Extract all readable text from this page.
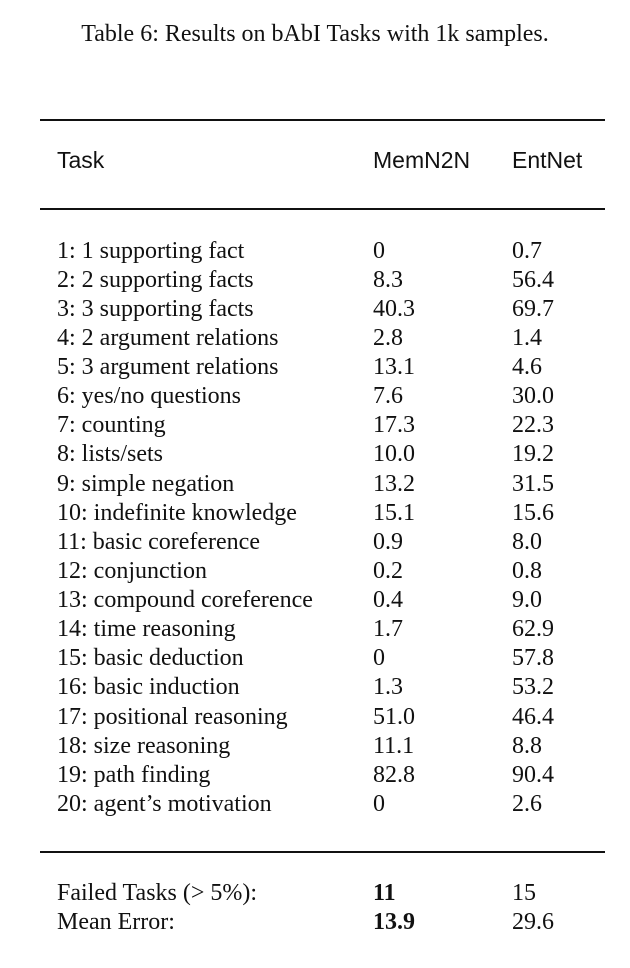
Table 6: Results on bAbI Tasks with 1k samples.
Task	MemN2N EntNet
1: 1 supporting fact	0	0.7
2: 2 supporting facts	8.3	56.4
3: 3 supporting facts	40.3	69.7
4: 2 argument relations	2.8	1.4
5: 3 argument relations	13.1	4.6
6: yes/no questions	7.6	30.0
7: counting	17.3	22.3
8: lists/sets	10.0	19.2
9: simple negation	13.2	31.5
10: indefinite knowledge	15.1	15.6
11: basic coreference	0.9	8.0
12: conjunction	0.2	0.8
13: compound coreference	0.4	9.0
14: time reasoning	1.7	62.9
15: basic deduction	0	57.8
16: basic induction	1.3	53.2
17: positional reasoning	51.0	46.4
18: size reasoning	11.1	8.8
19: path finding	82.8	90.4
20: agent’s motivation	0	2.6
Failed Tasks (> 5%):	11	15
Mean Error:	13.9	29.6
